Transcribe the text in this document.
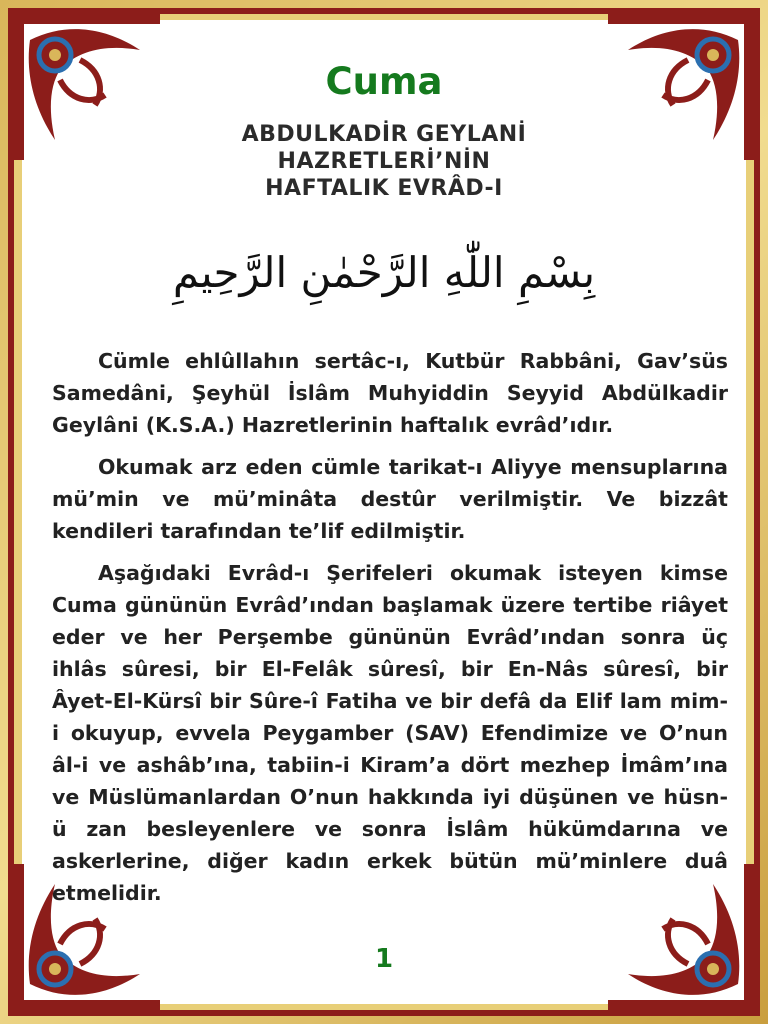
Cuma
ABDULKADİR GEYLANİ
HAZRETLERİ’NİN
HAFTALIK EVRÂD-I
بِسْمِ اللّٰهِ الرَّحْمٰنِ الرَّحِيمِ

Cümle ehlûllahın sertâc-ı, Kutbür Rabbâni, Gav’süs Samedâni, Şeyhül İslâm Muhyiddin Seyyid Abdülkadir Geylâni (K.S.A.) Hazretlerinin haftalık evrâd’ıdır.

Okumak arz eden cümle tarikat-ı Aliyye mensuplarına mü’min ve mü’minâta destûr verilmiştir. Ve bizzât kendileri tarafından te’lif edilmiştir.

Aşağıdaki Evrâd-ı Şerifeleri okumak isteyen kimse Cuma gününün Evrâd’ından başlamak üzere tertibe riâyet eder ve her Perşembe gününün Evrâd’ından sonra üç ihlâs sûresi, bir El-Felâk sûresî, bir En-Nâs sûresî, bir Âyet-El-Kürsî bir Sûre-î Fatiha ve bir defâ da Elif lam mim-i okuyup, evvela Peygamber (SAV) Efendimize ve O’nun âl-i ve ashâb’ına, tabiin-i Kiram’a dört mezhep İmâm’ına ve Müslümanlardan O’nun hakkında iyi düşünen ve hüsn-ü zan besleyenlere ve sonra İslâm hükümdarına ve askerlerine, diğer kadın erkek bütün mü’minlere duâ etmelidir.

1
